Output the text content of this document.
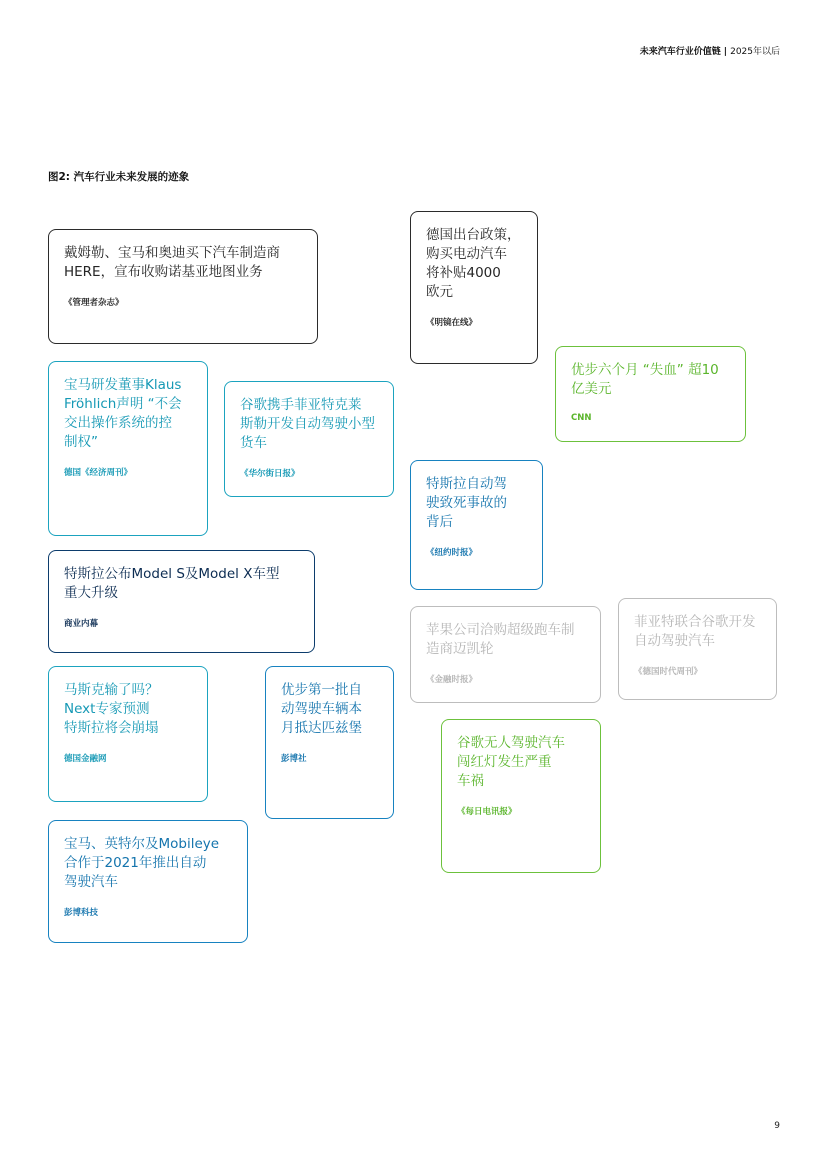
未来汽车行业价值链 | 2025年以后
图2: 汽车行业未来发展的迹象

戴姆勒、宝马和奥迪买下汽车制造商
HERE，宣布收购诺基亚地图业务

《管理者杂志》

德国出台政策，
购买电动汽车
将补贴4000
欧元

《明镜在线》

优步六个月 “失血” 超10
亿美元

CNN

宝马研发董事Klaus
Fröhlich声明 “不会
交出操作系统的控
制权”

德国《经济周刊》

谷歌携手菲亚特克莱
斯勒开发自动驾驶小型
货车

《华尔街日报》

特斯拉自动驾
驶致死事故的
背后

《纽约时报》

特斯拉公布Model S及Model X车型
重大升级

商业内幕	苹果公司洽购超级跑车制
造商迈凯轮

《金融时报》

菲亚特联合谷歌开发
自动驾驶汽车

《德国时代周刊》

马斯克输了吗？
Next专家预测
特斯拉将会崩塌

德国金融网

优步第一批自
动驾驶车辆本
月抵达匹兹堡

彭博社

谷歌无人驾驶汽车
闯红灯发生严重
车祸

《每日电讯报》

宝马、英特尔及Mobileye
合作于2021年推出自动
驾驶汽车

彭博科技
9
